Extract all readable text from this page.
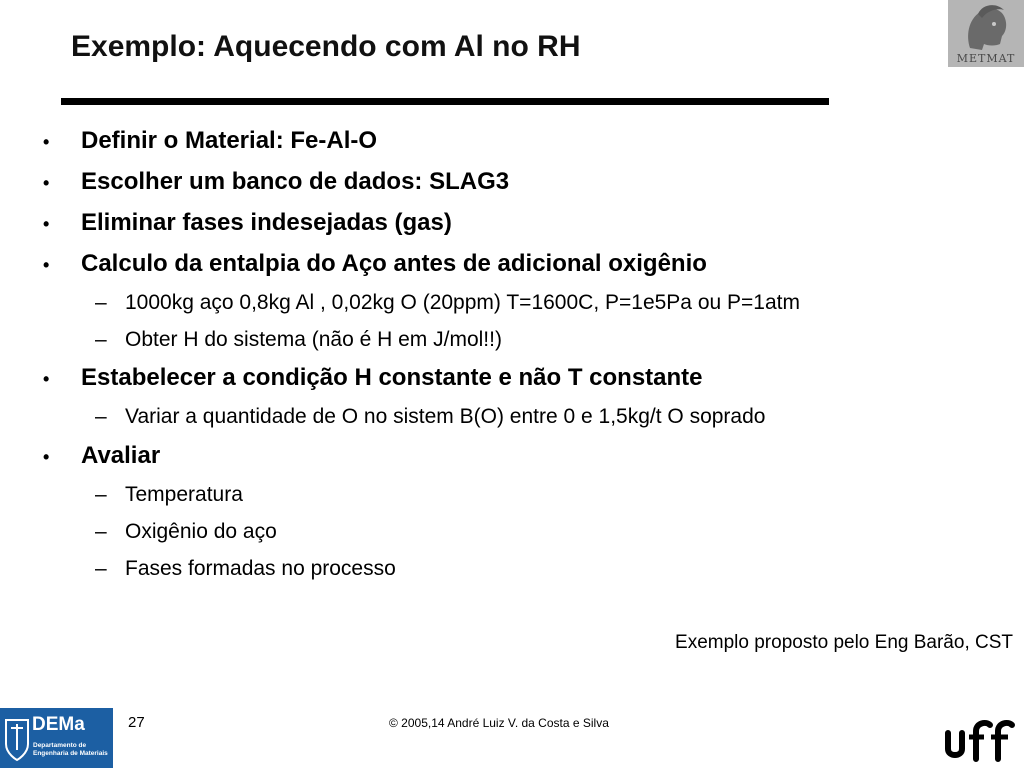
Exemplo: Aquecendo com Al no RH	METMAT
• Definir o Material: Fe-Al-O
• Escolher um banco de dados: SLAG3
• Eliminar fases indesejadas (gas)
• Calculo da entalpia do Aço antes de adicional oxigênio
– 1000kg aço 0,8kg Al , 0,02kg O (20ppm) T=1600C, P=1e5Pa ou P=1atm
– Obter H do sistema (não é H em J/mol!!)
• Estabelecer a condição H constante e não T constante
– Variar a quantidade de O no sistem B(O) entre 0 e 1,5kg/t O soprado
• Avaliar
– Temperatura
– Oxigênio do aço
– Fases formadas no processo
Exemplo proposto pelo Eng Barão, CST
DEMa
Departamento de
Engenharia de Materiais
27	© 2005,14 André Luiz V. da Costa e Silva
